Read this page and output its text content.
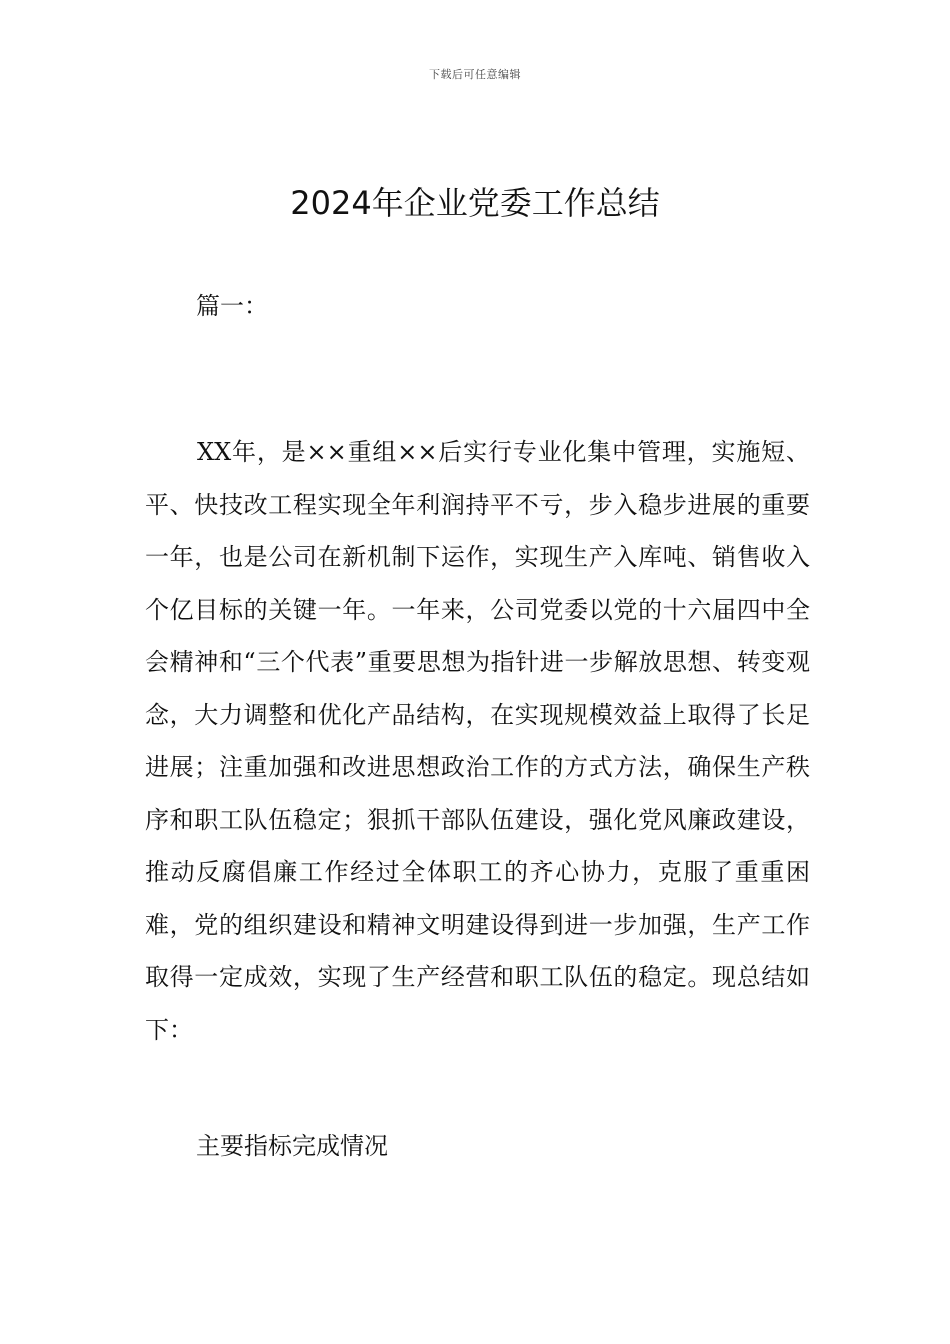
下载后可任意编辑
2024年企业党委工作总结

篇一：

XX年，是××重组××后实行专业化集中管理，实施短、平、快技改工程实现全年利润持平不亏，步入稳步进展的重要一年，也是公司在新机制下运作，实现生产入库吨、销售收入个亿目标的关键一年。一年来，公司党委以党的十六届四中全会精神和“三个代表”重要思想为指针进一步解放思想、转变观念，大力调整和优化产品结构，在实现规模效益上取得了长足进展；注重加强和改进思想政治工作的方式方法，确保生产秩序和职工队伍稳定；狠抓干部队伍建设，强化党风廉政建设，推动反腐倡廉工作经过全体职工的齐心协力，克服了重重困难，党的组织建设和精神文明建设得到进一步加强，生产工作取得一定成效，实现了生产经营和职工队伍的稳定。现总结如下：

主要指标完成情况
